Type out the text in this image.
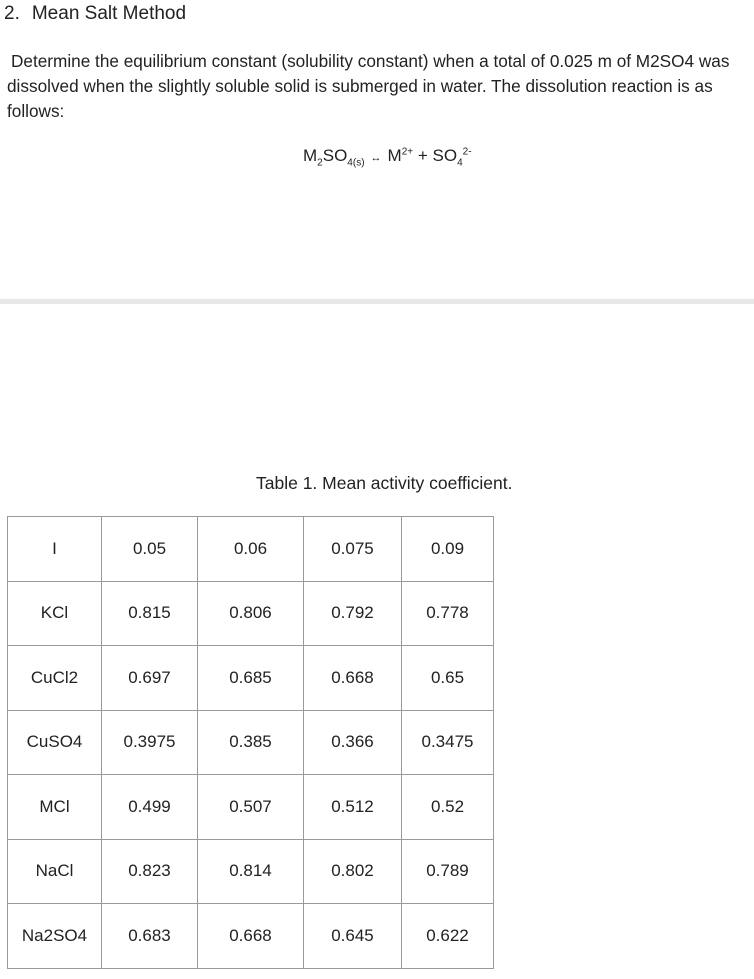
2. Mean Salt Method
Determine the equilibrium constant (solubility constant) when a total of 0.025 m of M2SO4 was
dissolved when the slightly soluble solid is submerged in water. The dissolution reaction is as
follows:
$M_2SO_{4(s)}$ ↔ $M^{2+} + SO_4^{2-}$
Table 1. Mean activity coefficient.
I	0.05	0.06	0.075	0.09
KCl	0.815	0.806	0.792	0.778
CuCl2	0.697	0.685	0.668	0.65
CuSO4	0.3975	0.385	0.366	0.3475
MCl	0.499	0.507	0.512	0.52
NaCl	0.823	0.814	0.802	0.789
Na2SO4	0.683	0.668	0.645	0.622
